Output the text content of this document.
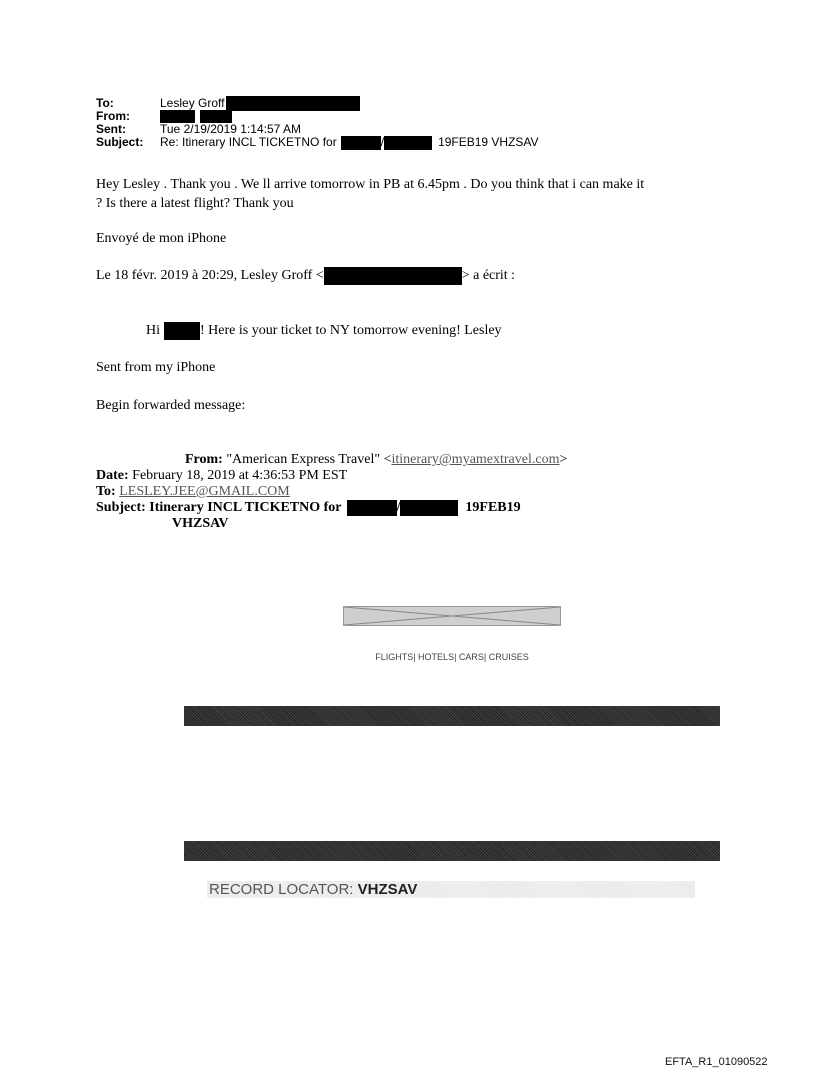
To:	Lesley Groff
From:
Sent:	Tue 2/19/2019 1:14:57 AM
Subject:	Re: Itinerary INCL TICKETNO for	/	19FEB19 VHZSAV
Hey Lesley . Thank you . We ll arrive tomorrow in PB at 6.45pm . Do you think that i can make it
? Is there a latest flight? Thank you
Envoyé de mon iPhone
Le 18 févr. 2019 à 20:29, Lesley Groff <	> a écrit :
Hi	! Here is your ticket to NY tomorrow evening! Lesley
Sent from my iPhone
Begin forwarded message:
From: "American Express Travel" <itinerary@myamextravel.com>
Date: February 18, 2019 at 4:36:53 PM EST
To: LESLEY.JEE@GMAIL.COM
Subject: Itinerary INCL TICKETNO for	/	19FEB19
VHZSAV
FLIGHTS| HOTELS| CARS| CRUISES
RECORD LOCATOR: VHZSAV
EFTA_R1_01090522
